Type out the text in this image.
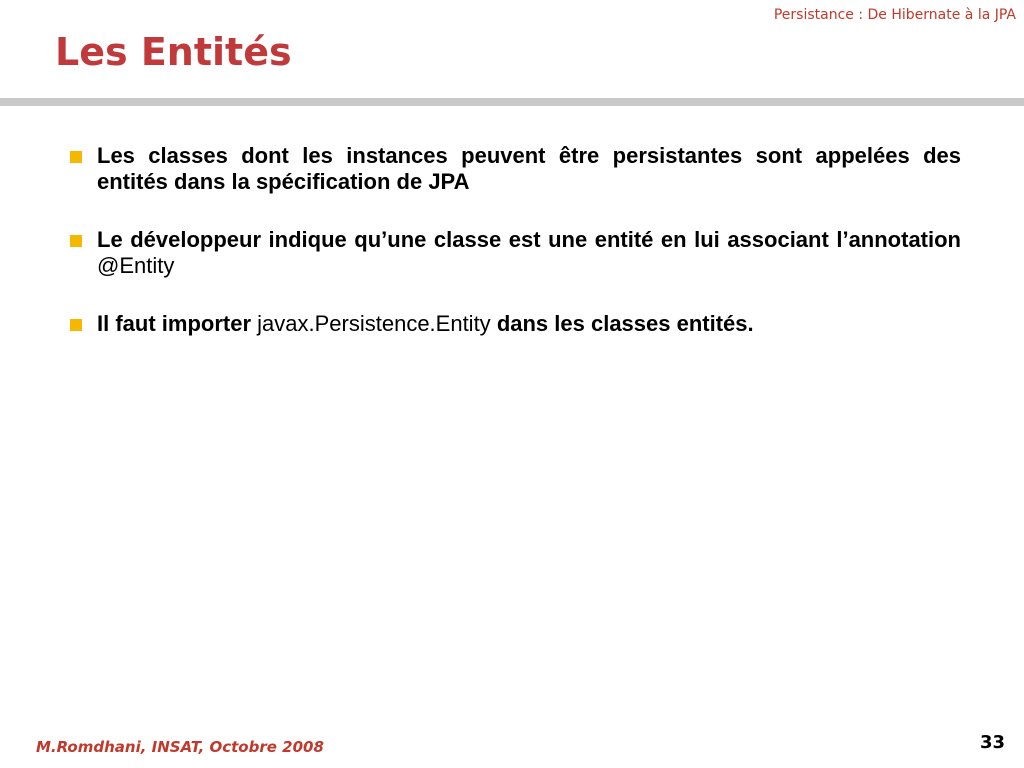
Persistance : De Hibernate à la JPA
Les Entités
Les classes dont les instances peuvent être persistantes sont appelées des entités dans la spécification de JPA
Le développeur indique qu’une classe est une entité en lui associant l’annotation @Entity
Il faut importer javax.Persistence.Entity dans les classes entités.
M.Romdhani, INSAT, Octobre 2008	33
